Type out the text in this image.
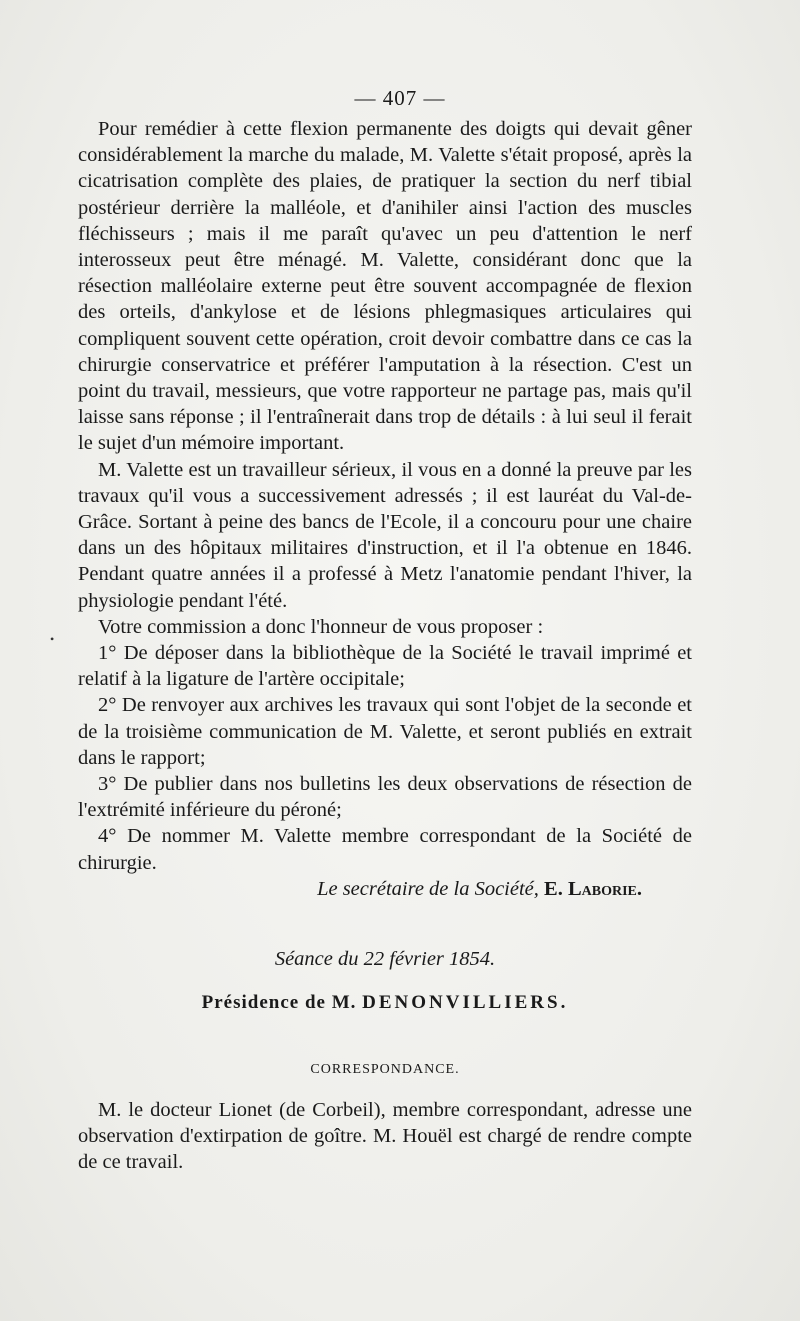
— 407 —
•

Pour remédier à cette flexion permanente des doigts qui devait gêner considérablement la marche du malade, M. Valette s'était proposé, après la cicatrisation complète des plaies, de pratiquer la section du nerf tibial postérieur derrière la malléole, et d'anihiler ainsi l'action des muscles fléchisseurs ; mais il me paraît qu'avec un peu d'attention le nerf interosseux peut être ménagé. M. Valette, considérant donc que la résection malléolaire externe peut être souvent accompagnée de flexion des orteils, d'ankylose et de lésions phlegmasiques articulaires qui compliquent souvent cette opération, croit devoir combattre dans ce cas la chirurgie conservatrice et préférer l'amputation à la résection. C'est un point du travail, messieurs, que votre rapporteur ne partage pas, mais qu'il laisse sans réponse ; il l'entraînerait dans trop de détails : à lui seul il ferait le sujet d'un mémoire important.

M. Valette est un travailleur sérieux, il vous en a donné la preuve par les travaux qu'il vous a successivement adressés ; il est lauréat du Val-de-Grâce. Sortant à peine des bancs de l'Ecole, il a concouru pour une chaire dans un des hôpitaux militaires d'instruction, et il l'a obtenue en 1846. Pendant quatre années il a professé à Metz l'anatomie pendant l'hiver, la physiologie pendant l'été.

Votre commission a donc l'honneur de vous proposer :

1° De déposer dans la bibliothèque de la Société le travail imprimé et relatif à la ligature de l'artère occipitale;

2° De renvoyer aux archives les travaux qui sont l'objet de la seconde et de la troisième communication de M. Valette, et seront publiés en extrait dans le rapport;

3° De publier dans nos bulletins les deux observations de résection de l'extrémité inférieure du péroné;

4° De nommer M. Valette membre correspondant de la Société de chirurgie.

Le secrétaire de la Société, E. Laborie.

Séance du 22 février 1854.

Présidence de M. DENONVILLIERS.
CORRESPONDANCE.

M. le docteur Lionet (de Corbeil), membre correspondant, adresse une observation d'extirpation de goître. M. Houël est chargé de rendre compte de ce travail.
